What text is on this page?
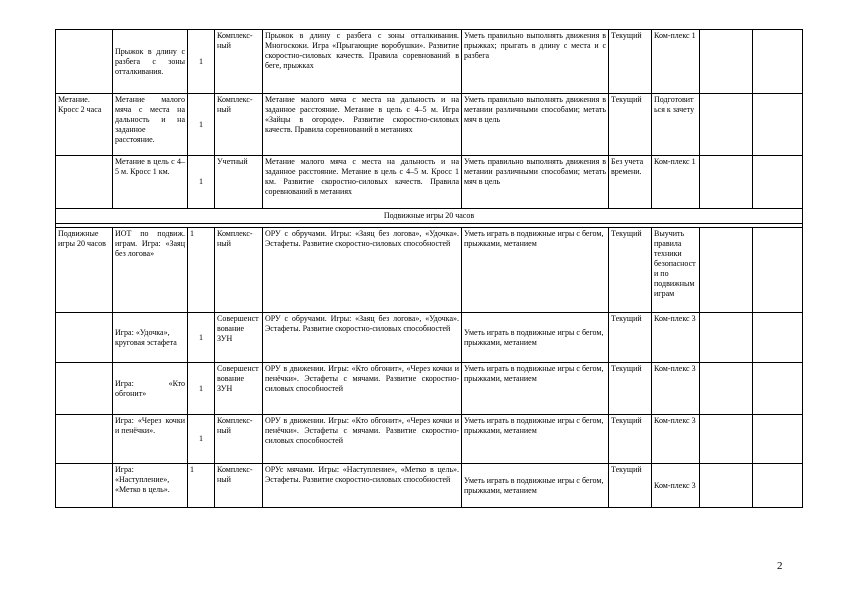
	Прыжок в длину с разбега с зоны отталкивания.	1	Комплекс-ный	Прыжок в длину с разбега с зоны отталкивания. Многоскоки. Игра «Прыгающие воробушки». Развитие скоростно-силовых качеств. Правила соревнований в беге, прыжках	Уметь правильно выполнять движения в прыжках; прыгать в длину с места и с разбега	Текущий	Ком-плекс 1		
Метание. Кросс 2 часа	Метание малого мяча с места на дальность и на заданное расстояние.	1	Комплекс-ный	Метание малого мяча с места на дальность и на заданное расстояние. Метание в цель с 4–5 м. Игра «Зайцы в огороде». Развитие скоростно-силовых качеств. Правила соревнований в метаниях	Уметь правильно выполнять движения в метании различными способами; метать мяч в цель	Текущий	Подготовиться к зачету		
	Метание в цель с 4–5 м. Кросс 1 км.	1	Учетный	Метание малого мяча с места на дальность и на заданное расстояние. Метание в цель с 4–5 м. Кросс 1 км. Развитие скоростно-силовых качеств. Правила соревнований в метаниях	Уметь правильно выполнять движения в метании различными способами; метать мяч в цель	Без учета времени.	Ком-плекс 1		
Подвижные игры 20 часов									

Подвижные игры 20 часов	ИОТ по подвиж. играм. Игра: «Заяц без логова»	1	Комплекс-ный	ОРУ с обручами. Игры: «Заяц без логова», «Удочка». Эстафеты. Развитие скоростно-силовых способностей	Уметь играть в подвижные игры с бегом, прыжками, метанием	Текущий	Выучить правила техники безопасности по подвижным играм		
	Игра: «Удочка», круговая эстафета	1	Совершенствование ЗУН	ОРУ с обручами. Игры: «Заяц без логова», «Удочка». Эстафеты. Развитие скоростно-силовых способностей	Уметь играть в подвижные игры с бегом, прыжками, метанием	Текущий	Ком-плекс 3		
	Игра: «Кто обгонит»	1	Совершенствование ЗУН	ОРУ в движении. Игры: «Кто обгонит», «Через кочки и пенёчки». Эстафеты с мячами. Развитие скоростно-силовых способностей	Уметь играть в подвижные игры с бегом, прыжками, метанием	Текущий	Ком-плекс 3		
	Игра: «Через кочки и пенёчки».	1	Комплекс-ный	ОРУ в движении. Игры: «Кто обгонит», «Через кочки и пенёчки». Эстафеты с мячами. Развитие скоростно-силовых способностей	Уметь играть в подвижные игры с бегом, прыжками, метанием	Текущий	Ком-плекс 3		
	Игра: «Наступление», «Метко в цель».	1	Комплекс-ный	ОРУс мячами. Игры: «Наступление», «Метко в цель». Эстафеты. Развитие скоростно-силовых способностей	Уметь играть в подвижные игры с бегом, прыжками, метанием	Текущий	Ком-плекс 3		
2
